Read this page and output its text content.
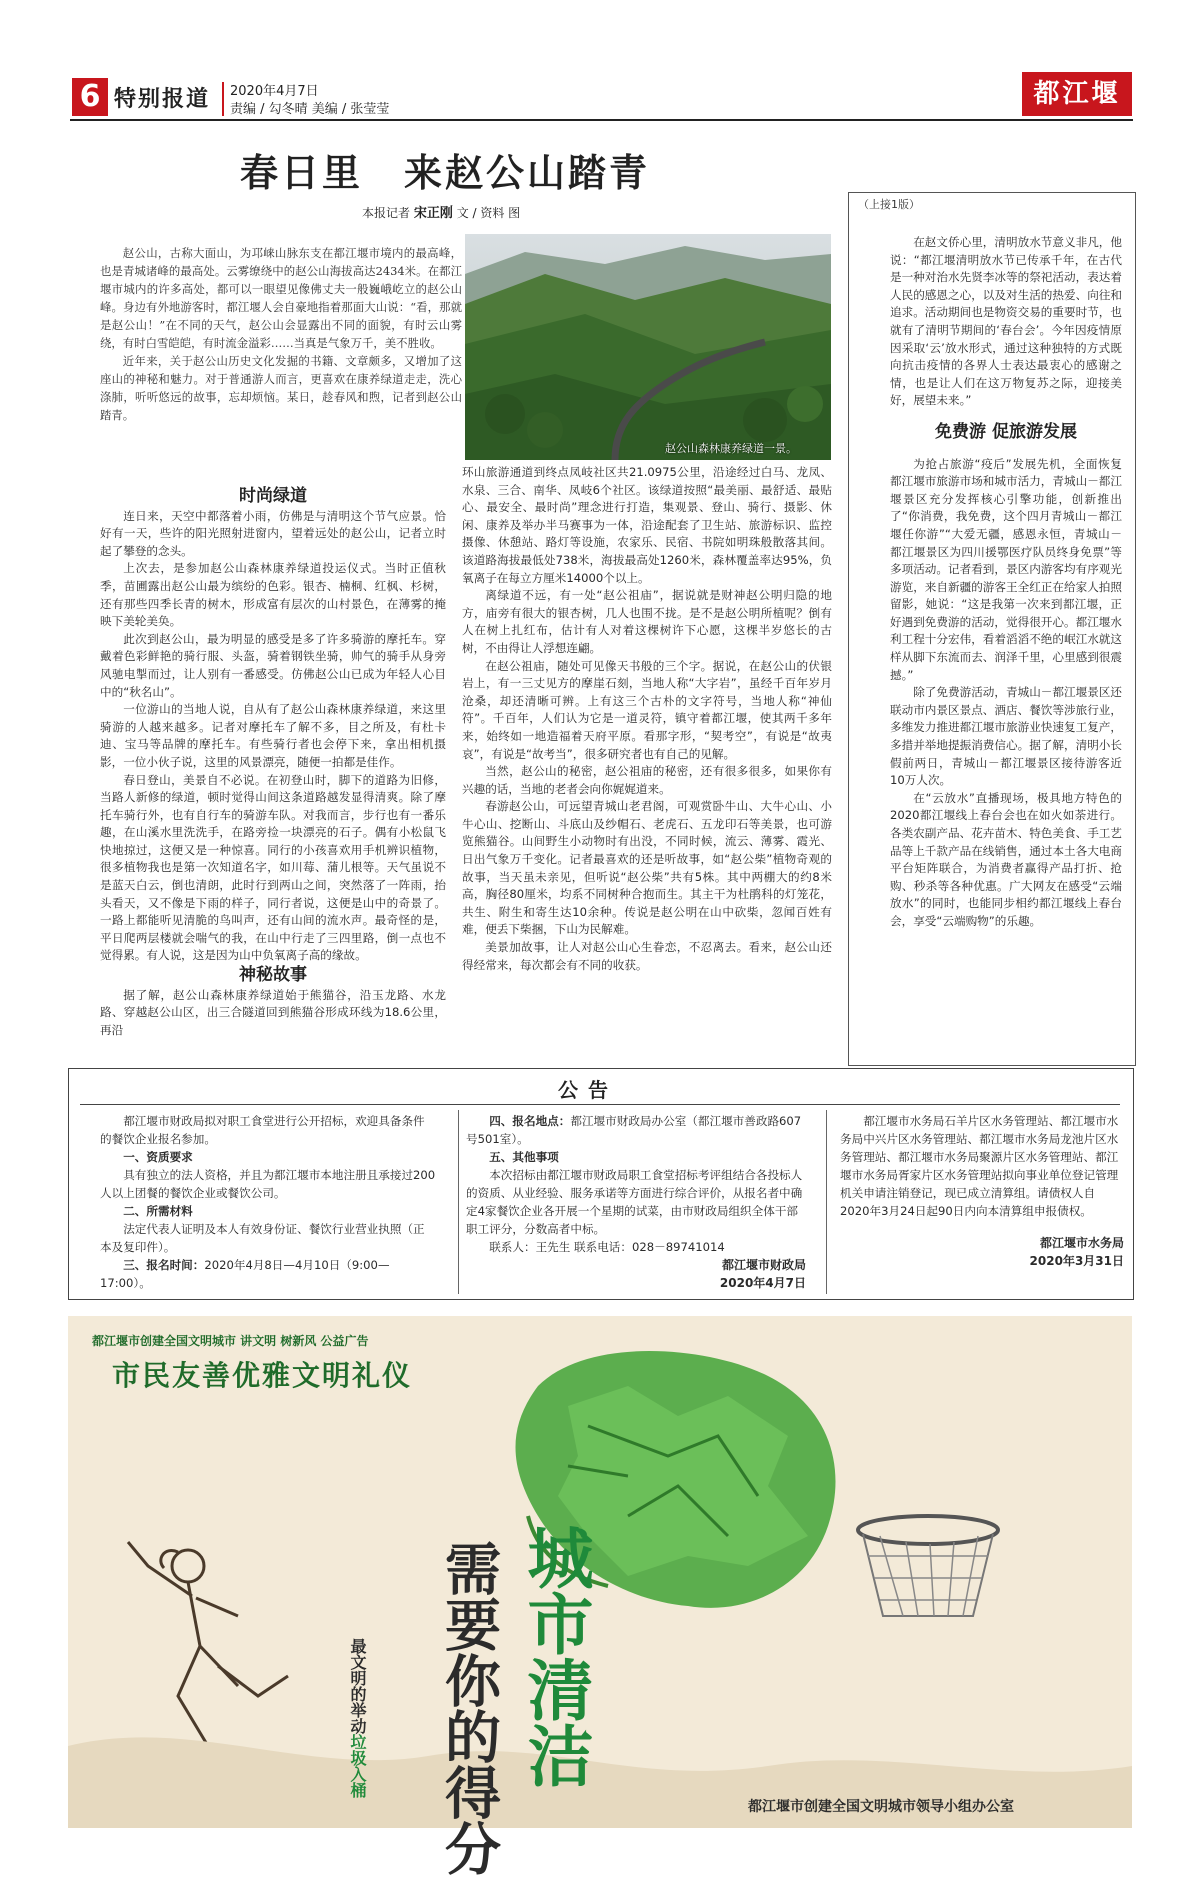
6 特别报道 2020年4月7日
责编 / 勾冬晴 美编 / 张莹莹
都江堰报
春日里　来赵公山踏青
本报记者 宋正刚 文 / 资料 图

赵公山，古称大面山，为邛崃山脉东支在都江堰市境内的最高峰，也是青城诸峰的最高处。云雾缭绕中的赵公山海拔高达2434米。在都江堰市城内的许多高处，都可以一眼望见像佛丈夫一般巍峨屹立的赵公山峰。身边有外地游客时，都江堰人会自豪地指着那面大山说：“看，那就是赵公山！”在不同的天气，赵公山会显露出不同的面貌，有时云山雾绕，有时白雪皑皑，有时流金溢彩……当真是气象万千，美不胜收。

近年来，关于赵公山历史文化发掘的书籍、文章颇多，又增加了这座山的神秘和魅力。对于普通游人而言，更喜欢在康养绿道走走，洗心涤肺，听听悠远的故事，忘却烦恼。某日，趁春风和煦，记者到赵公山踏青。

赵公山森林康养绿道一景。
时尚绿道

连日来，天空中都落着小雨，仿佛是与清明这个节气应景。恰好有一天，些许的阳光照射进窗内，望着远处的赵公山，记者立时起了攀登的念头。

上次去，是参加赵公山森林康养绿道投运仪式。当时正值秋季，苗圃露出赵公山最为缤纷的色彩。银杏、楠桐、红枫、杉树，还有那些四季长青的树木，形成富有层次的山村景色，在薄雾的掩映下美轮美奂。

此次到赵公山，最为明显的感受是多了许多骑游的摩托车。穿戴着色彩鲜艳的骑行服、头盔，骑着钢铁坐骑，帅气的骑手从身旁风驰电掣而过，让人别有一番感受。仿佛赵公山已成为年轻人心目中的“秋名山”。

一位游山的当地人说，自从有了赵公山森林康养绿道，来这里骑游的人越来越多。记者对摩托车了解不多，目之所及，有杜卡迪、宝马等品牌的摩托车。有些骑行者也会停下来，拿出相机摄影，一位小伙子说，这里的风景漂亮，随便一拍都是佳作。

春日登山，美景自不必说。在初登山时，脚下的道路为旧修，当路人新修的绿道，顿时觉得山间这条道路越发显得清爽。除了摩托车骑行外，也有自行车的骑游车队。对我而言，步行也有一番乐趣，在山溪水里洗洗手，在路旁捡一块漂亮的石子。偶有小松鼠飞快地掠过，这便又是一种惊喜。同行的小孩喜欢用手机辨识植物，很多植物我也是第一次知道名字，如川莓、蒲儿根等。天气虽说不是蓝天白云，倒也清朗，此时行到两山之间，突然落了一阵雨，抬头看天，又不像是下雨的样子，同行者说，这便是山中的奇景了。一路上都能听见清脆的鸟叫声，还有山间的流水声。最奇怪的是，平日爬两层楼就会喘气的我，在山中行走了三四里路，倒一点也不觉得累。有人说，这是因为山中负氧离子高的缘故。

神秘故事

据了解，赵公山森林康养绿道始于熊猫谷，沿玉龙路、水龙路、穿越赵公山区，出三合隧道回到熊猫谷形成环线为18.6公里，再沿

环山旅游通道到终点凤岐社区共21.0975公里，沿途经过白马、龙凤、水泉、三合、南华、凤岐6个社区。该绿道按照“最美丽、最舒适、最贴心、最安全、最时尚”理念进行打造，集观景、登山、骑行、摄影、休闲、康养及举办半马赛事为一体，沿途配套了卫生站、旅游标识、监控摄像、休憩站、路灯等设施，农家乐、民宿、书院如明珠般散落其间。该道路海拔最低处738米，海拔最高处1260米，森林覆盖率达95%，负氧离子在每立方厘米14000个以上。

离绿道不远，有一处“赵公祖庙”，据说就是财神赵公明归隐的地方，庙旁有很大的银杏树，几人也围不拢。是不是赵公明所植呢？倒有人在树上扎红布，估计有人对着这棵树许下心愿，这棵半岁悠长的古树，不由得让人浮想连翩。

在赵公祖庙，随处可见像天书般的三个字。据说，在赵公山的伏银岩上，有一三丈见方的摩崖石刻，当地人称“大字岩”，虽经千百年岁月沧桑，却还清晰可辨。上有这三个古朴的文字符号，当地人称“神仙符”。千百年，人们认为它是一道灵符，镇守着都江堰，使其两千多年来，始终如一地造福着天府平原。看那字形，“契考空”，有说是“故夷哀”，有说是“故考当”，很多研究者也有自己的见解。

当然，赵公山的秘密，赵公祖庙的秘密，还有很多很多，如果你有兴趣的话，当地的老者会向你娓娓道来。

春游赵公山，可远望青城山老君阁，可观赏卧牛山、大牛心山、小牛心山、挖断山、斗底山及纱帽石、老虎石、五龙印石等美景，也可游览熊猫谷。山间野生小动物时有出没，不同时候，流云、薄雾、霞光、日出气象万千变化。记者最喜欢的还是听故事，如“赵公柴”植物奇观的故事，当天虽未亲见，但听说“赵公柴”共有5株。其中两棚大的约8米高，胸径80厘米，均系不同树种合抱而生。其主干为杜鹃科的灯笼花，共生、附生和寄生达10余种。传说是赵公明在山中砍柴，忽闻百姓有难，便丢下柴捆，下山为民解难。

美景加故事，让人对赵公山心生眷恋，不忍离去。看来，赵公山还得经常来，每次都会有不同的收获。

（上接1版）

在赵文侨心里，清明放水节意义非凡，他说：“都江堰清明放水节已传承千年，在古代是一种对治水先贤李冰等的祭祀活动，表达着人民的感恩之心，以及对生活的热爱、向往和追求。活动期间也是物资交易的重要时节，也就有了清明节期间的‘春台会’。今年因疫情原因采取‘云’放水形式，通过这种独特的方式既向抗击疫情的各界人士表达最衷心的感谢之情，也是让人们在这万物复苏之际，迎接美好，展望未来。”

免费游 促旅游发展

为抢占旅游“疫后”发展先机，全面恢复都江堰市旅游市场和城市活力，青城山－都江堰景区充分发挥核心引擎功能，创新推出了“你消费，我免费，这个四月青城山－都江堰任你游”“大爱无疆，感恩永恒，青城山－都江堰景区为四川援鄂医疗队员终身免票”等多项活动。记者看到，景区内游客均有序观光游览，来自新疆的游客王全红正在给家人拍照留影，她说：“这是我第一次来到都江堰，正好遇到免费游的活动，觉得很开心。都江堰水利工程十分宏伟，看着滔滔不绝的岷江水就这样从脚下东流而去、润泽千里，心里感到很震撼。”

除了免费游活动，青城山－都江堰景区还联动市内景区景点、酒店、餐饮等涉旅行业，多维发力推进都江堰市旅游业快速复工复产，多措并举地提振消费信心。据了解，清明小长假前两日，青城山－都江堰景区接待游客近10万人次。

在“云放水”直播现场，极具地方特色的2020都江堰线上春台会也在如火如荼进行。各类农副产品、花卉苗木、特色美食、手工艺品等上千款产品在线销售，通过本土各大电商平台矩阵联合，为消费者赢得产品打折、抢购、秒杀等各种优惠。广大网友在感受“云端放水”的同时，也能同步相约都江堰线上春台会，享受“云端购物”的乐趣。

公告

都江堰市财政局拟对职工食堂进行公开招标，欢迎具备条件的餐饮企业报名参加。

一、资质要求

具有独立的法人资格，并且为都江堰市本地注册且承接过200人以上团餐的餐饮企业或餐饮公司。

二、所需材料

法定代表人证明及本人有效身份证、餐饮行业营业执照（正本及复印件）。

三、报名时间：2020年4月8日—4月10日（9:00—17:00）。

四、报名地点：都江堰市财政局办公室（都江堰市善政路607号501室）。

五、其他事项

本次招标由都江堰市财政局职工食堂招标考评组结合各投标人的资质、从业经验、服务承诺等方面进行综合评价，从报名者中确定4家餐饮企业各开展一个星期的试菜，由市财政局组织全体干部职工评分，分数高者中标。

联系人：王先生 联系电话：028－89741014

都江堰市财政局
2020年4月7日

都江堰市水务局石羊片区水务管理站、都江堰市水务局中兴片区水务管理站、都江堰市水务局龙池片区水务管理站、都江堰市水务局聚源片区水务管理站、都江堰市水务局胥家片区水务管理站拟向事业单位登记管理机关申请注销登记，现已成立清算组。请债权人自2020年3月24日起90日内向本清算组申报债权。

都江堰市水务局
2020年3月31日
都江堰市创建全国文明城市 讲文明 树新风 公益广告
市民友善优雅文明礼仪
需要你的得分 城市清洁
最文明的举动垃圾入桶
都江堰市创建全国文明城市领导小组办公室
